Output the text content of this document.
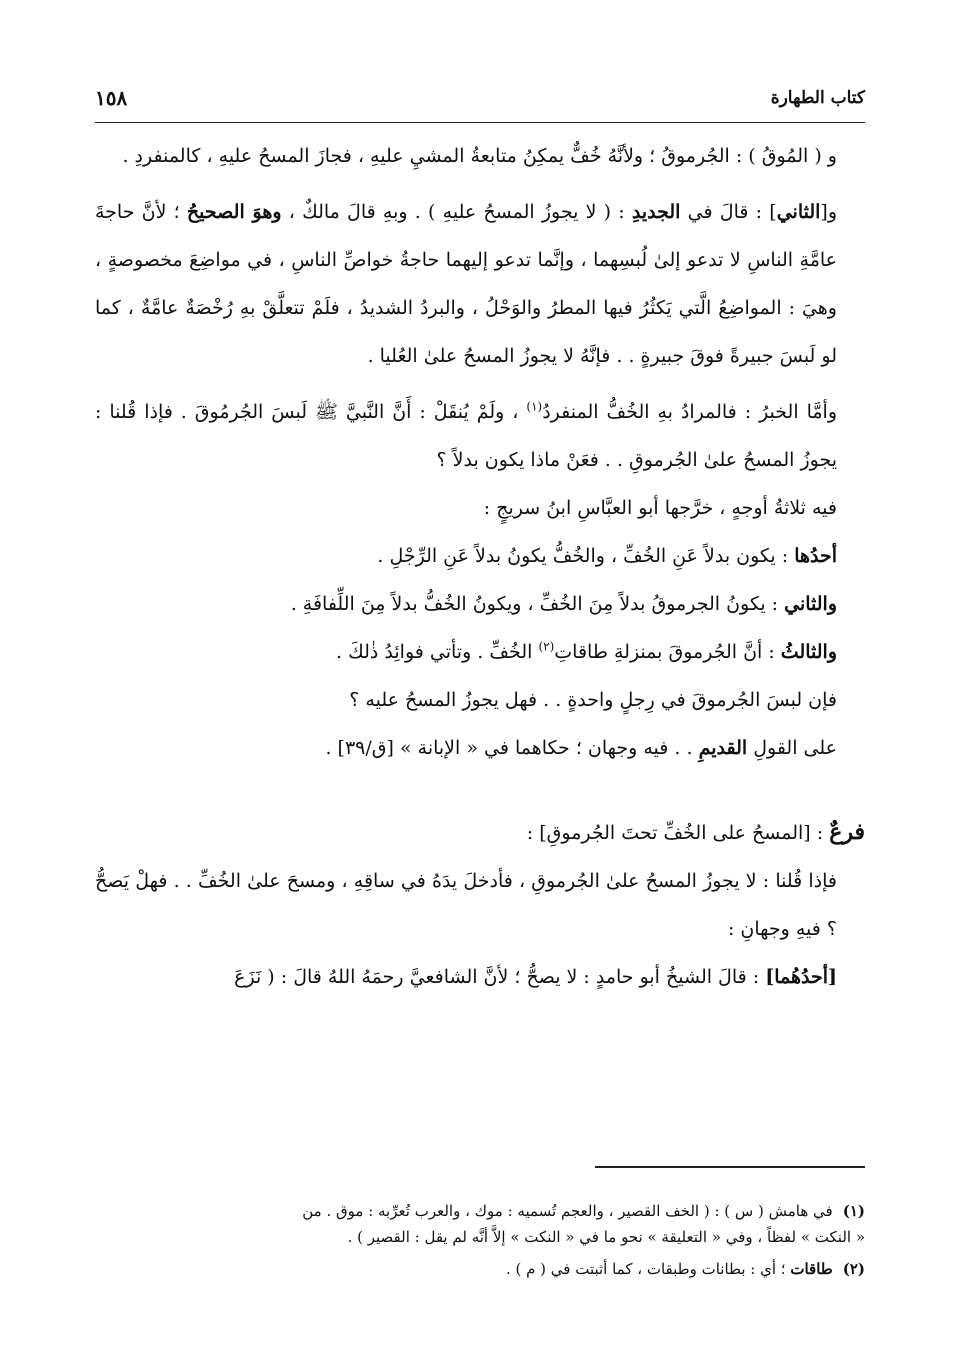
كتاب الطهارة
١٥٨

و ( المُوقُ ) : الجُرموقُ ؛ ولأنَّهُ خُفٌّ يمكِنُ متابعةُ المشيِ عليهِ ، فجازَ المسحُ عليهِ ، كالمنفردِ .

و[الثاني] : قالَ في الجديدِ : ( لا يجوزُ المسحُ عليهِ ) . وبهِ قالَ مالكٌ ، وهوَ الصحيحُ ؛ لأنَّ حاجةَ عامَّةِ الناسِ لا تدعو إلىٰ لُبسِهما ، وإنَّما تدعو إليهما حاجةُ خواصِّ الناسِ ، في مواضِعَ مخصوصةٍ ، وهيَ : المواضِعُ الَّتي يَكثُرُ فيها المطرُ والوَحْلُ ، والبردُ الشديدُ ، فلَمْ تتعلَّقْ بهِ رُخْصَةٌ عامَّةٌ ، كما لو لَبسَ جبيرةً فوقَ جبيرةٍ . . فإنَّهُ لا يجوزُ المسحُ علىٰ العُليا .

وأمَّا الخبرُ : فالمرادُ بهِ الخُفُّ المنفردُ$^{(١)}$ ، ولَمْ يُنقَلْ : أَنَّ النَّبيَّ ﷺ لَبسَ الجُرمُوقَ . فإذا قُلنا : يجوزُ المسحُ علىٰ الجُرموقِ . . فعَنْ ماذا يكون بدلاً ؟

فيه ثلاثةُ أوجهٍ ، خرَّجها أبو العبَّاسِ ابنُ سريجٍ :

أحدُها : يكون بدلاً عَنِ الخُفِّ ، والخُفُّ يكونُ بدلاً عَنِ الرِّجْلِ .

والثاني : يكونُ الجرموقُ بدلاً مِنَ الخُفِّ ، ويكونُ الخُفُّ بدلاً مِنَ اللِّفافَةِ .

والثالثُ : أنَّ الجُرموقَ بمنزلةِ طاقاتِ$^{(٢)}$ الخُفِّ . وتأتي فوائِدُ ذٰلكَ .

فإن لبسَ الجُرموقَ في رِجلٍ واحدةٍ . . فهل يجوزُ المسحُ عليه ؟

على القولِ القديمِ . . فيه وجهان ؛ حكاهما في « الإبانة » [ق/٣٩] .

فرعٌ : [المسحُ على الخُفِّ تحتَ الجُرموقِ] :

فإذا قُلنا : لا يجوزُ المسحُ علىٰ الجُرموقِ ، فأدخلَ يدَهُ في ساقِهِ ، ومسحَ علىٰ الخُفِّ . . فهلْ يَصحُّ ؟ فيهِ وجهانِ :

[أحدُهُما] : قالَ الشيخُ أبو حامدٍ : لا يصحُّ ؛ لأنَّ الشافعيَّ رحمَهُ اللهُ قالَ : ( نَزَعَ

(١)في هامش ( س ) : ( الخف القصير ، والعجم تُسميه : موك ، والعرب تُعرِّبه : موق . من
« النكت » لفظاً ، وفي « التعليقة » نحو ما في « النكت » إلاَّ أنَّه لم يقل : القصير ) .

(٢)طاقات ؛ أي : بطانات وطبقات ، كما أثبتت في ( م ) .
